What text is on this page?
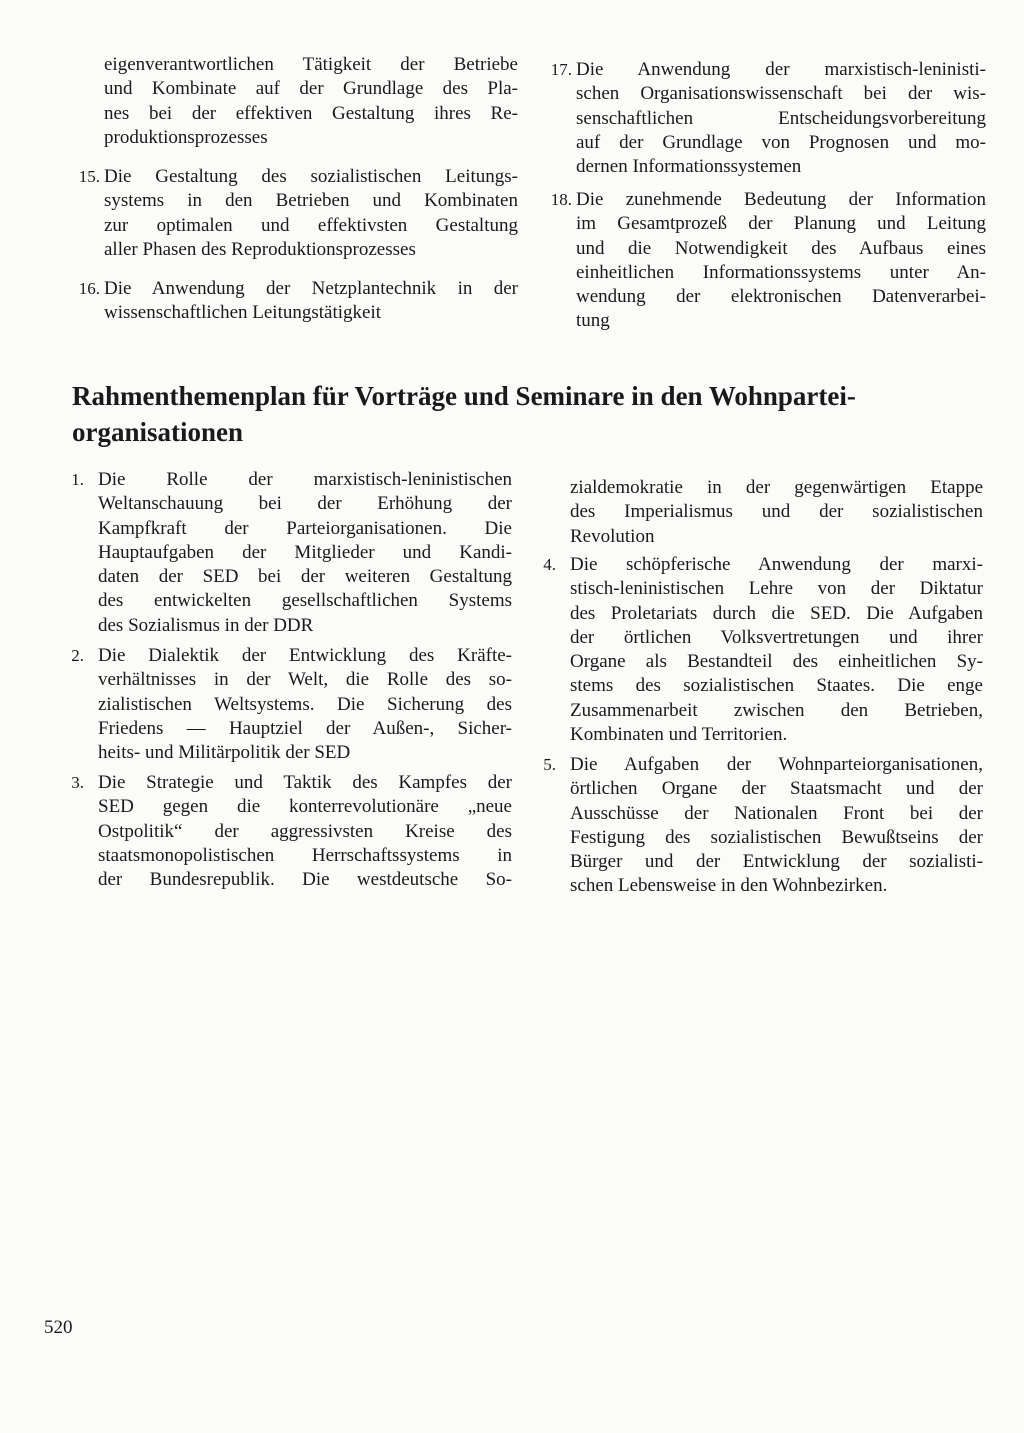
eigenverantwortlichen Tätigkeit der Betriebe
und Kombinate auf der Grundlage des Pla-
nes bei der effektiven Gestaltung ihres Re-
produktionsprozesses
15. Die Gestaltung des sozialistischen Leitungs-
systems in den Betrieben und Kombinaten
zur optimalen und effektivsten Gestaltung
aller Phasen des Reproduktionsprozesses
16. Die Anwendung der Netzplantechnik in der
wissenschaftlichen Leitungstätigkeit
17. Die Anwendung der marxistisch-leninisti-
schen Organisationswissenschaft bei der wis-
senschaftlichen Entscheidungsvorbereitung
auf der Grundlage von Prognosen und mo-
dernen Informationssystemen
18. Die zunehmende Bedeutung der Information
im Gesamtprozeß der Planung und Leitung
und die Notwendigkeit des Aufbaus eines
einheitlichen Informationssystems unter An-
wendung der elektronischen Datenverarbei-
tung
Rahmenthemenplan für Vorträge und Seminare in den Wohnpartei-
organisationen
1. Die Rolle der marxistisch-leninistischen
Weltanschauung bei der Erhöhung der
Kampfkraft der Parteiorganisationen. Die
Hauptaufgaben der Mitglieder und Kandi-
daten der SED bei der weiteren Gestaltung
des entwickelten gesellschaftlichen Systems
des Sozialismus in der DDR
2. Die Dialektik der Entwicklung des Kräfte-
verhältnisses in der Welt, die Rolle des so-
zialistischen Weltsystems. Die Sicherung des
Friedens — Hauptziel der Außen-, Sicher-
heits- und Militärpolitik der SED
3. Die Strategie und Taktik des Kampfes der
SED gegen die konterrevolutionäre „neue
Ostpolitik“ der aggressivsten Kreise des
staatsmonopolistischen Herrschaftssystems in
der Bundesrepublik. Die westdeutsche So-
zialdemokratie in der gegenwärtigen Etappe
des Imperialismus und der sozialistischen
Revolution
4. Die schöpferische Anwendung der marxi-
stisch-leninistischen Lehre von der Diktatur
des Proletariats durch die SED. Die Aufgaben
der örtlichen Volksvertretungen und ihrer
Organe als Bestandteil des einheitlichen Sy-
stems des sozialistischen Staates. Die enge
Zusammenarbeit zwischen den Betrieben,
Kombinaten und Territorien.
5. Die Aufgaben der Wohnparteiorganisationen,
örtlichen Organe der Staatsmacht und der
Ausschüsse der Nationalen Front bei der
Festigung des sozialistischen Bewußtseins der
Bürger und der Entwicklung der sozialisti-
schen Lebensweise in den Wohnbezirken.
520
